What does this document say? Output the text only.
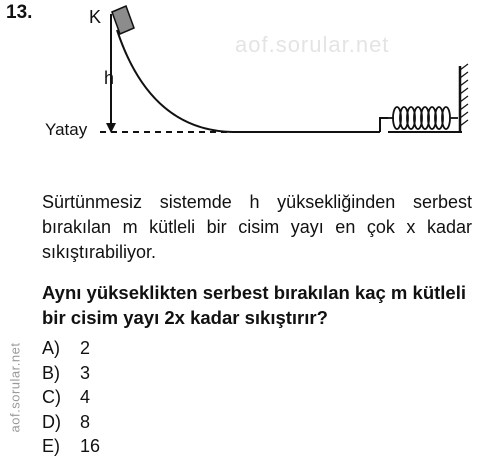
13.
aof.sorular.net
K
h
Yatay
Sürtünmesiz sistemde h yüksekliğinden serbest bırakılan m kütleli bir cisim yayı en çok x kadar sıkıştırabiliyor.
Aynı yükseklikten serbest bırakılan kaç m kütleli bir cisim yayı 2x kadar sıkıştırır?
A) 2
B) 3
C) 4
D) 8
E) 16
aof.sorular.net
